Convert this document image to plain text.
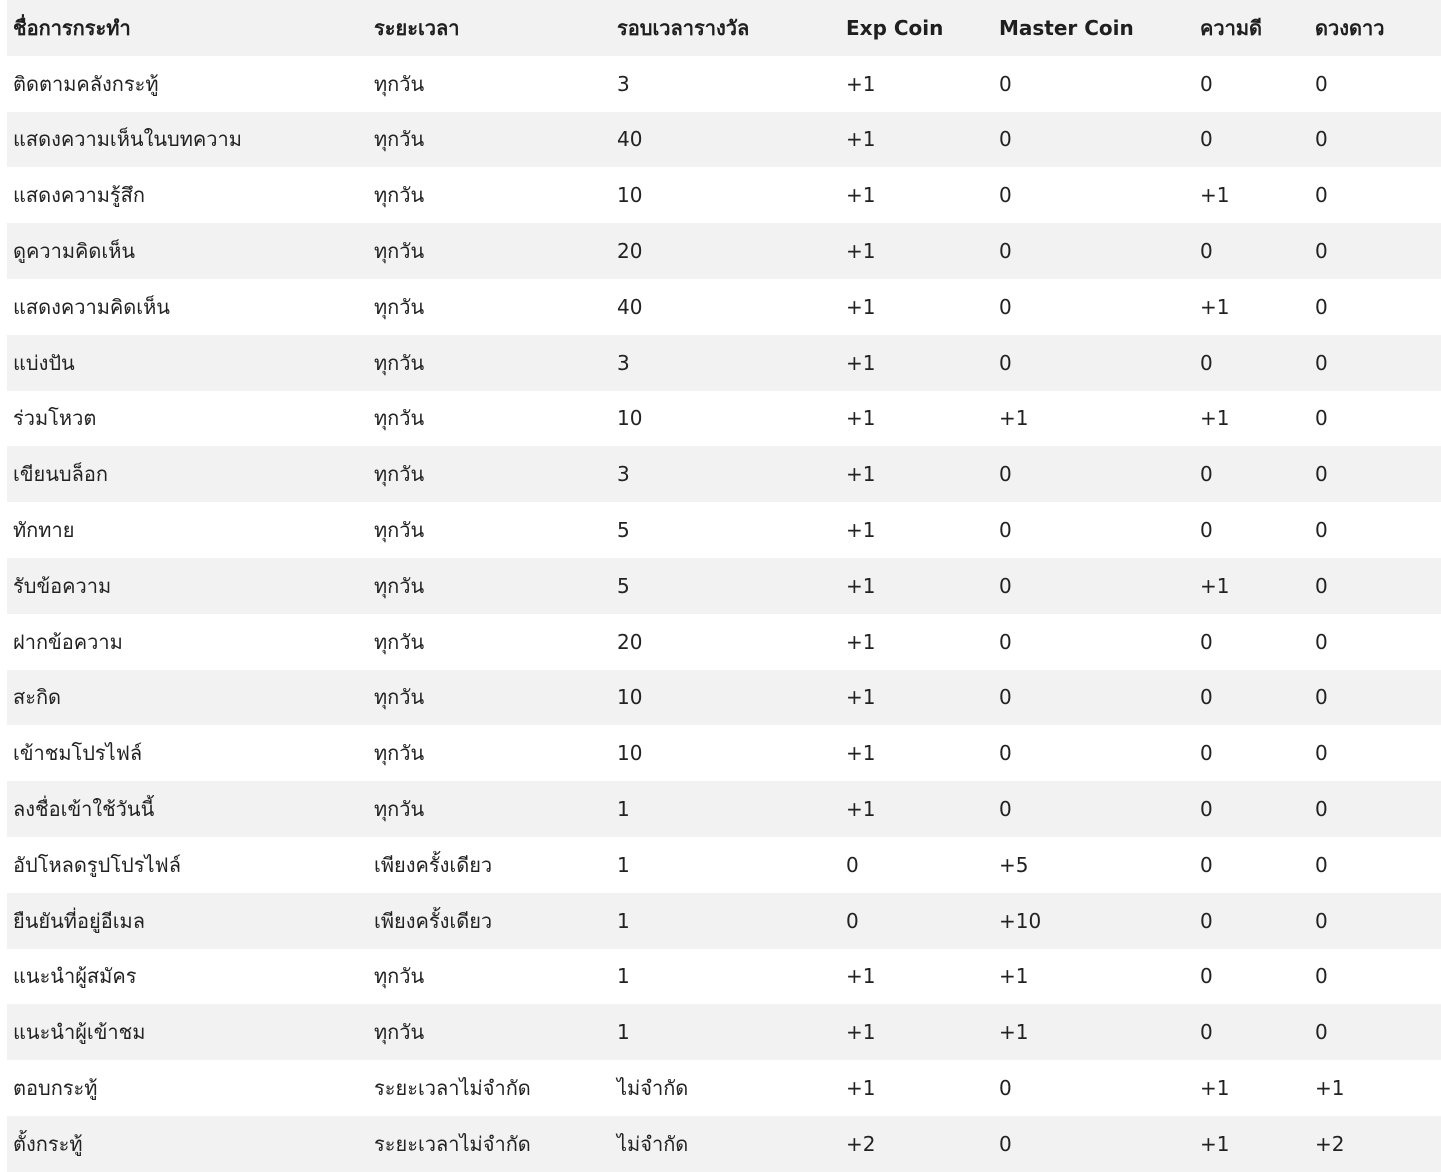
ชื่อการกระทำ	ระยะเวลา	รอบเวลารางวัล	Exp Coin	Master Coin	ความดี	ดวงดาว
ติดตามคลังกระทู้	ทุกวัน	3	+1	0	0	0
แสดงความเห็นในบทความ	ทุกวัน	40	+1	0	0	0
แสดงความรู้สึก	ทุกวัน	10	+1	0	+1	0
ดูความคิดเห็น	ทุกวัน	20	+1	0	0	0
แสดงความคิดเห็น	ทุกวัน	40	+1	0	+1	0
แบ่งปัน	ทุกวัน	3	+1	0	0	0
ร่วมโหวต	ทุกวัน	10	+1	+1	+1	0
เขียนบล็อก	ทุกวัน	3	+1	0	0	0
ทักทาย	ทุกวัน	5	+1	0	0	0
รับข้อความ	ทุกวัน	5	+1	0	+1	0
ฝากข้อความ	ทุกวัน	20	+1	0	0	0
สะกิด	ทุกวัน	10	+1	0	0	0
เข้าชมโปรไฟล์	ทุกวัน	10	+1	0	0	0
ลงชื่อเข้าใช้วันนี้	ทุกวัน	1	+1	0	0	0
อัปโหลดรูปโปรไฟล์	เพียงครั้งเดียว	1	0	+5	0	0
ยืนยันที่อยู่อีเมล	เพียงครั้งเดียว	1	0	+10	0	0
แนะนำผู้สมัคร	ทุกวัน	1	+1	+1	0	0
แนะนำผู้เข้าชม	ทุกวัน	1	+1	+1	0	0
ตอบกระทู้	ระยะเวลาไม่จำกัด	ไม่จำกัด	+1	0	+1	+1
ตั้งกระทู้	ระยะเวลาไม่จำกัด	ไม่จำกัด	+2	0	+1	+2
